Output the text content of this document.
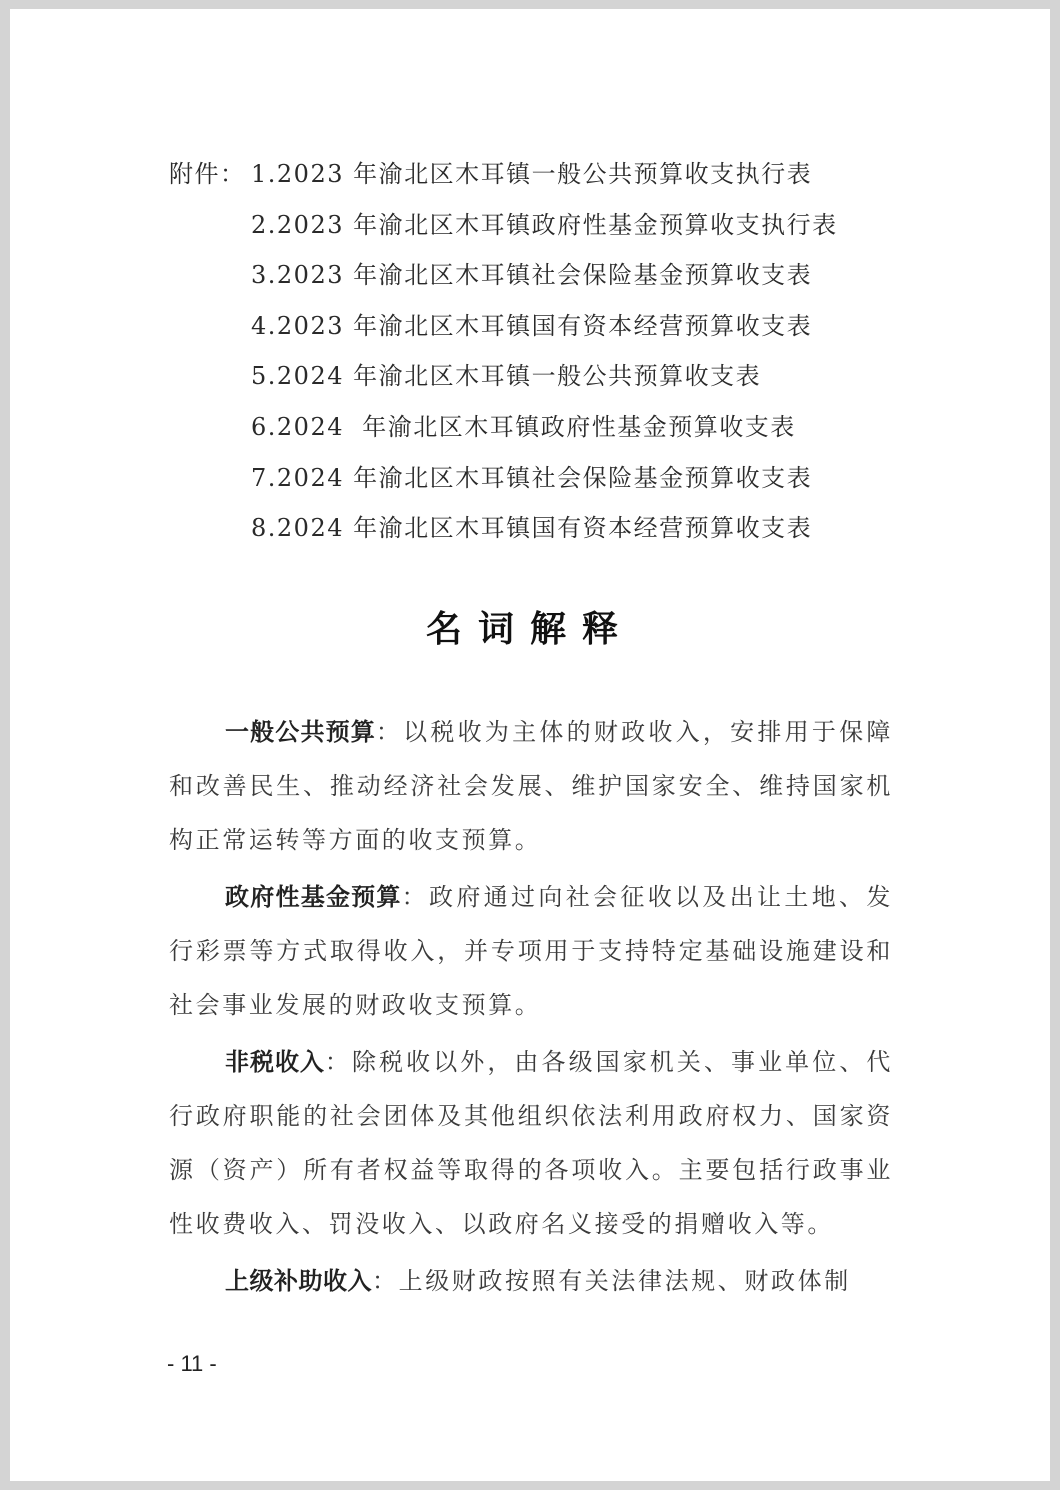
附件： 1.2023 年渝北区木耳镇一般公共预算收支执行表
2.2023 年渝北区木耳镇政府性基金预算收支执行表
3.2023 年渝北区木耳镇社会保险基金预算收支表
4.2023 年渝北区木耳镇国有资本经营预算收支表
5.2024 年渝北区木耳镇一般公共预算收支表
6.2024  年渝北区木耳镇政府性基金预算收支表
7.2024 年渝北区木耳镇社会保险基金预算收支表
8.2024 年渝北区木耳镇国有资本经营预算收支表
名词解释

一般公共预算：以税收为主体的财政收入，安排用于保障和改善民生、推动经济社会发展、维护国家安全、维持国家机构正常运转等方面的收支预算。

政府性基金预算：政府通过向社会征收以及出让土地、发行彩票等方式取得收入，并专项用于支持特定基础设施建设和社会事业发展的财政收支预算。

非税收入：除税收以外，由各级国家机关、事业单位、代行政府职能的社会团体及其他组织依法利用政府权力、国家资源（资产）所有者权益等取得的各项收入。主要包括行政事业性收费收入、罚没收入、以政府名义接受的捐赠收入等。

上级补助收入：上级财政按照有关法律法规、财政体制

- 11 -
